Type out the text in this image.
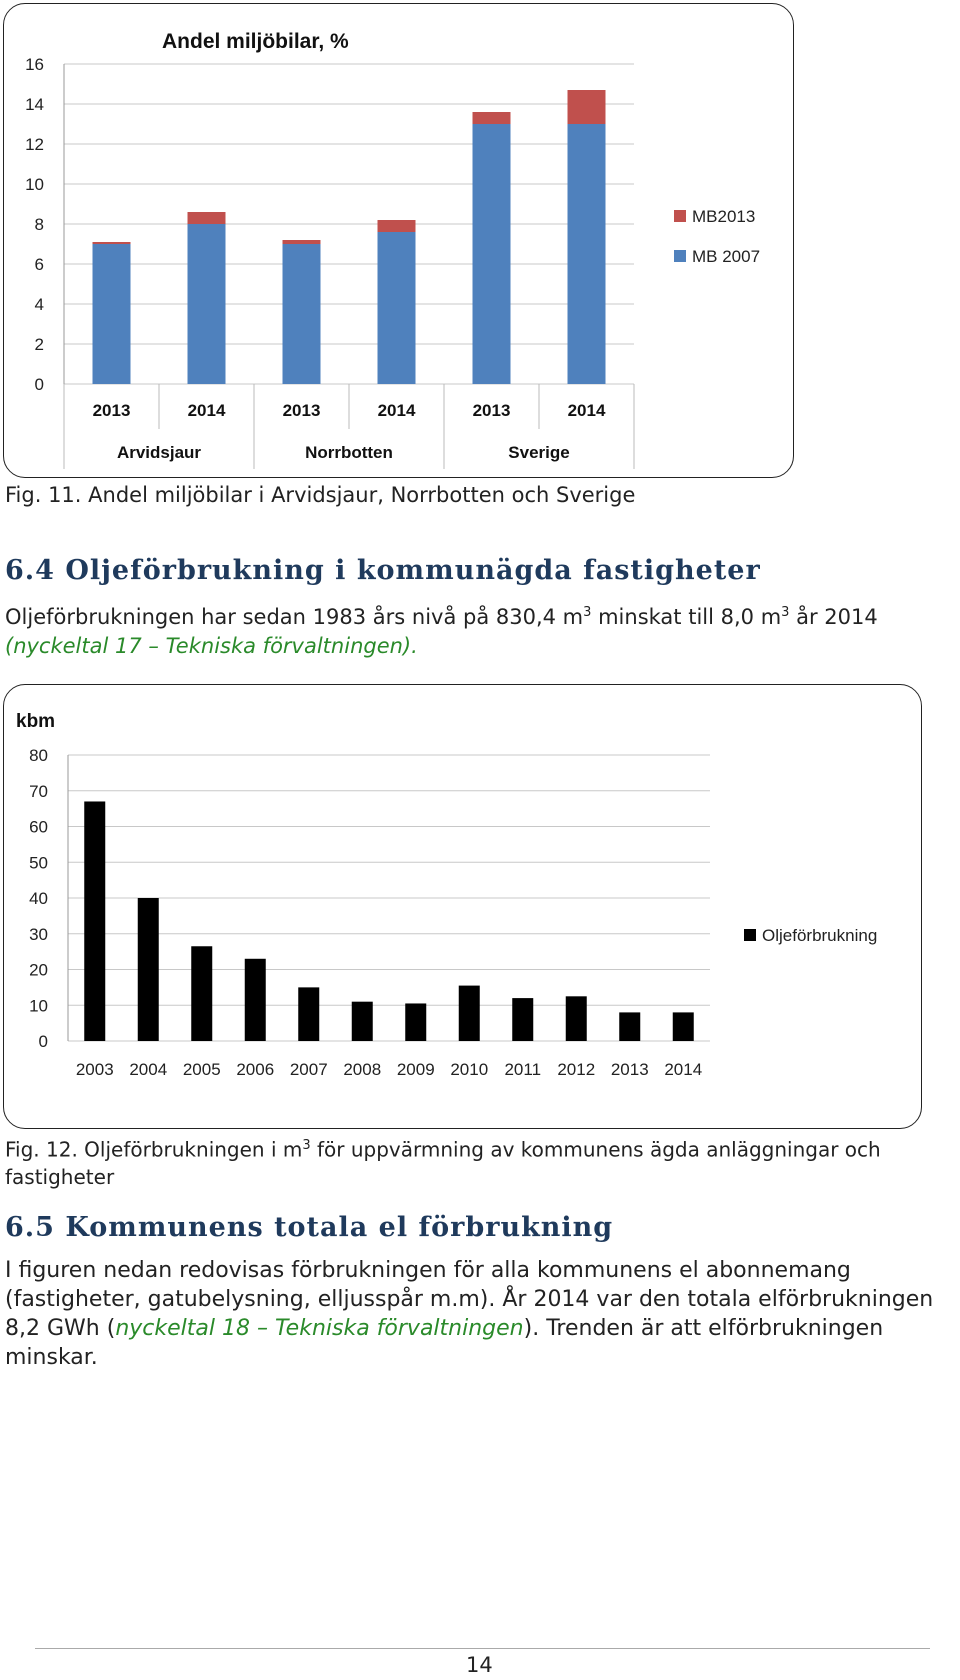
Andel miljöbilar, %
0
2
4
6
8
10
12
14
16
2013	2014	2013	2014	2013	2014
Arvidsjaur	Norrbotten	Sverige
MB2013
MB 2007
Fig. 11. Andel miljöbilar i Arvidsjaur, Norrbotten och Sverige
6.4 Oljeförbrukning i kommunägda fastigheter
Oljeförbrukningen har sedan 1983 års nivå på 830,4 $m^3$ minskat till 8,0 $m^3$ år 2014 (nyckeltal 17 – Tekniska förvaltningen).
kbm
0
10
20
30
40
50
60
70
80
2003 2004 2005 2006 2007 2008 2009 2010 2011 2012 2013 2014
Oljeförbrukning
Fig. 12. Oljeförbrukningen i $m^3$ för uppvärmning av kommunens ägda anläggningar och fastigheter
6.5 Kommunens totala el förbrukning
I figuren nedan redovisas förbrukningen för alla kommunens el abonnemang (fastigheter, gatubelysning, elljusspår m.m). År 2014 var den totala elförbrukningen 8,2 GWh (nyckeltal 18 – Tekniska förvaltningen). Trenden är att elförbrukningen minskar.
14
